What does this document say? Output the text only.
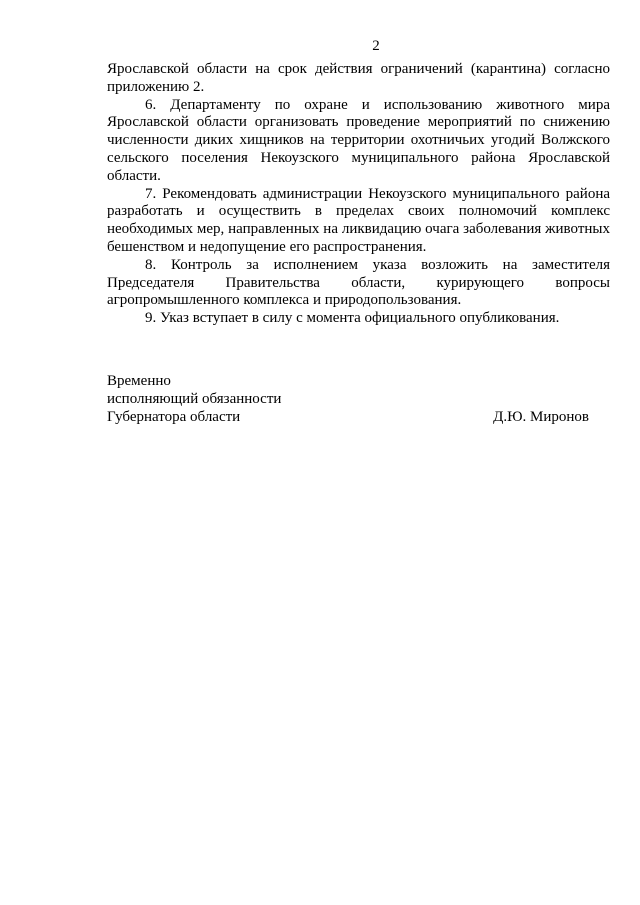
2

Ярославской области на срок действия ограничений (карантина) согласно приложению 2.

6. Департаменту по охране и использованию животного мира Ярославской области организовать проведение мероприятий по снижению численности диких хищников на территории охотничьих угодий Волжского сельского поселения Некоузского муниципального района Ярославской области.

7. Рекомендовать администрации Некоузского муниципального района разработать и осуществить в пределах своих полномочий комплекс необходимых мер, направленных на ликвидацию очага заболевания животных бешенством и недопущение его распространения.

8. Контроль за исполнением указа возложить на заместителя Председателя Правительства области, курирующего вопросы агропромышленного комплекса и природопользования.

9. Указ вступает в силу с момента официального опубликования.

Временно
исполняющий обязанности
Губернатора области	Д.Ю. Миронов
